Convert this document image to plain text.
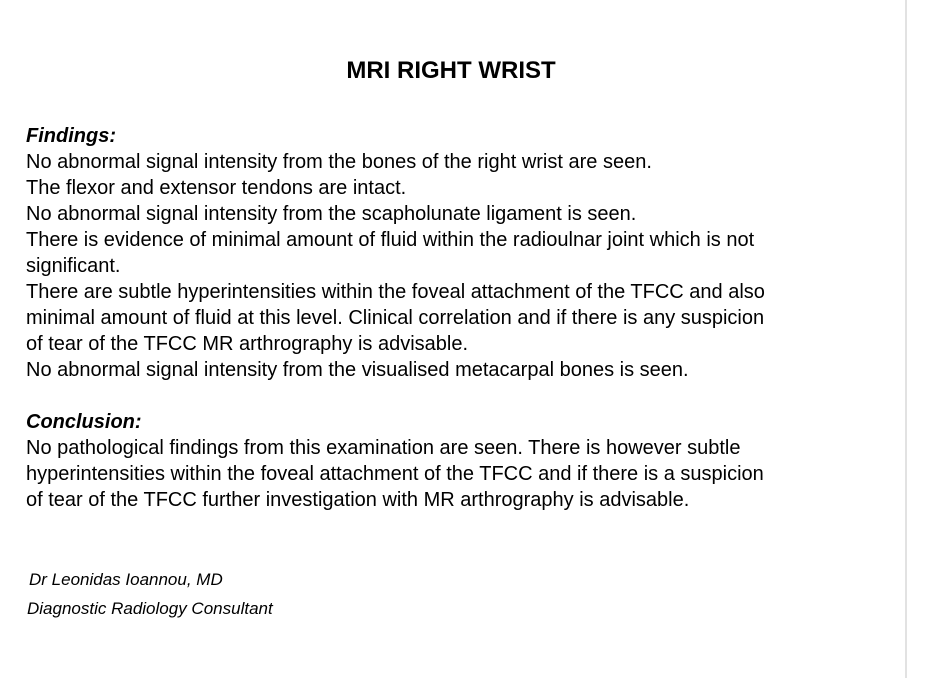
MRI RIGHT WRIST
Findings:
No abnormal signal intensity from the bones of the right wrist are seen.
The flexor and extensor tendons are intact.
No abnormal signal intensity from the scapholunate ligament is seen.
There is evidence of minimal amount of fluid within the radioulnar joint which is not
significant.
There are subtle hyperintensities within the foveal attachment of the TFCC and also
minimal amount of fluid at this level. Clinical correlation and if there is any suspicion
of tear of the TFCC MR arthrography is advisable.
No abnormal signal intensity from the visualised metacarpal bones is seen.
Conclusion:
No pathological findings from this examination are seen. There is however subtle
hyperintensities within the foveal attachment of the TFCC and if there is a suspicion
of tear of the TFCC further investigation with MR arthrography is advisable.
Dr Leonidas Ioannou, MD
Diagnostic Radiology Consultant
